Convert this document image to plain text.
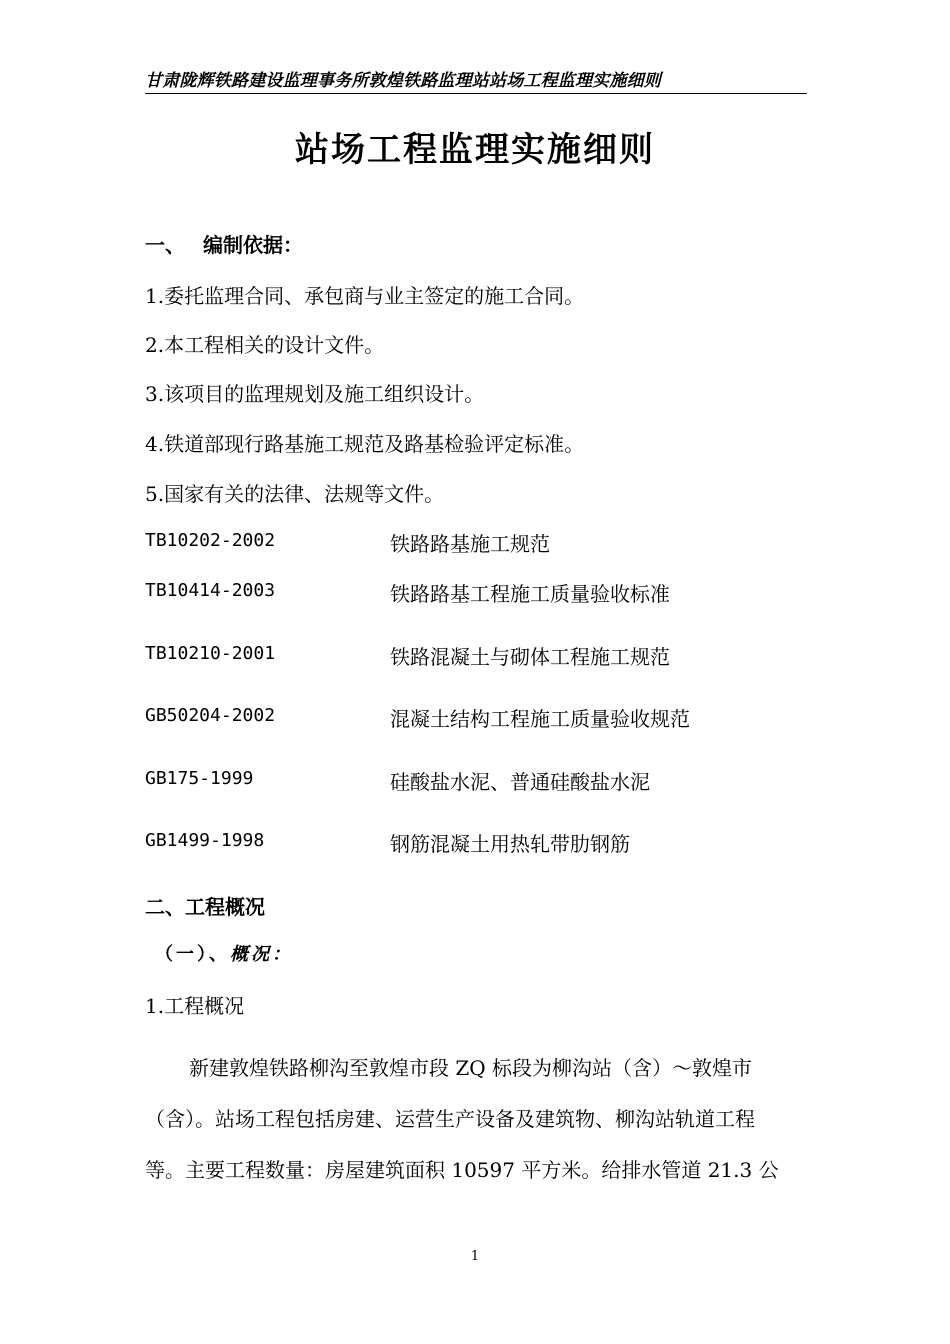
甘肃陇辉铁路建设监理事务所敦煌铁路监理站站场工程监理实施细则
站场工程监理实施细则
一、 编制依据：
1.委托监理合同、承包商与业主签定的施工合同。
2.本工程相关的设计文件。
3.该项目的监理规划及施工组织设计。
4.铁道部现行路基施工规范及路基检验评定标准。
5.国家有关的法律、法规等文件。
TB10202-2002	铁路路基施工规范
TB10414-2003	铁路路基工程施工质量验收标准
TB10210-2001	铁路混凝土与砌体工程施工规范
GB50204-2002	混凝土结构工程施工质量验收规范
GB175-1999	硅酸盐水泥、普通硅酸盐水泥
GB1499-1998	钢筋混凝土用热轧带肋钢筋
二、工程概况
（一）、概况：
1.工程概况
新建敦煌铁路柳沟至敦煌市段 ZQ 标段为柳沟站（含）～敦煌市
（含）。站场工程包括房建、运营生产设备及建筑物、柳沟站轨道工程
等。主要工程数量：房屋建筑面积 10597 平方米。给排水管道 21.3 公
1
